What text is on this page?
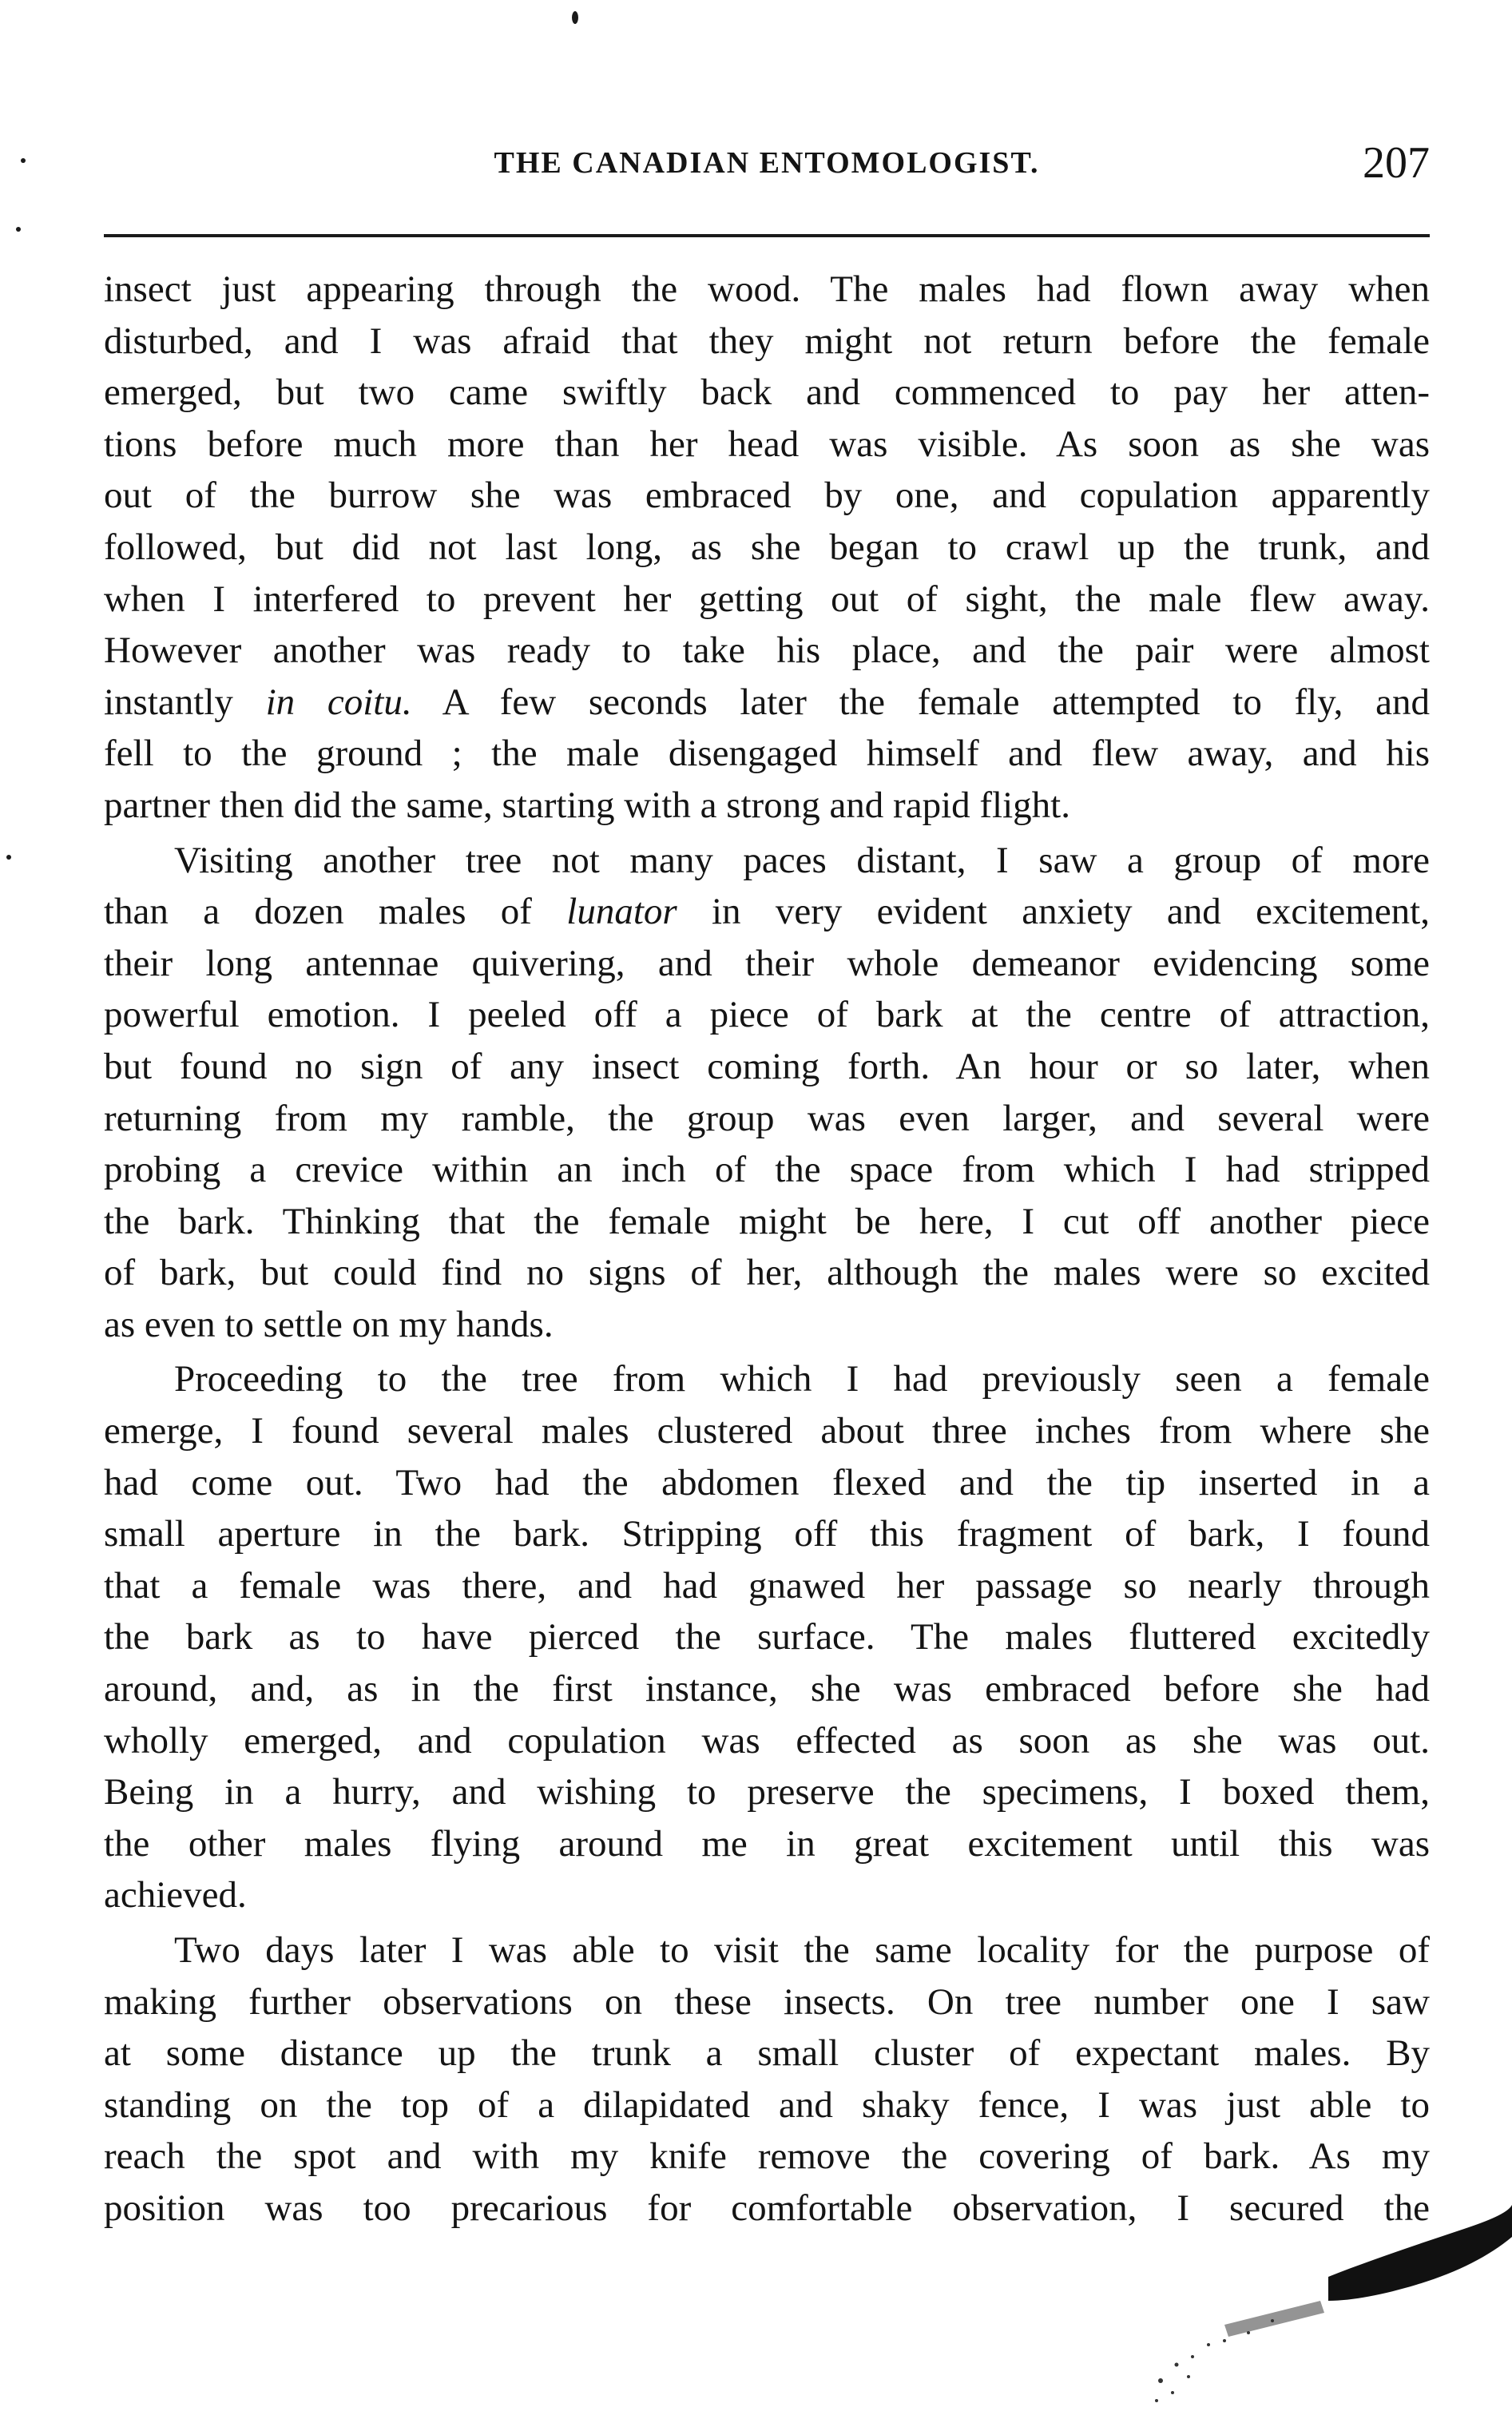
THE CANADIAN ENTOMOLOGIST.	207
insect just appearing through the wood. The males had flown away when
disturbed, and I was afraid that they might not return before the female
emerged, but two came swiftly back and commenced to pay her atten-
tions before much more than her head was visible. As soon as she was
out of the burrow she was embraced by one, and copulation apparently
followed, but did not last long, as she began to crawl up the trunk, and
when I interfered to prevent her getting out of sight, the male flew away.
However another was ready to take his place, and the pair were almost
instantly in coitu. A few seconds later the female attempted to fly, and
fell to the ground ; the male disengaged himself and flew away, and his
partner then did the same, starting with a strong and rapid flight.
Visiting another tree not many paces distant, I saw a group of more
than a dozen males of lunator in very evident anxiety and excitement,
their long antennae quivering, and their whole demeanor evidencing some
powerful emotion. I peeled off a piece of bark at the centre of attraction,
but found no sign of any insect coming forth. An hour or so later, when
returning from my ramble, the group was even larger, and several were
probing a crevice within an inch of the space from which I had stripped
the bark. Thinking that the female might be here, I cut off another piece
of bark, but could find no signs of her, although the males were so excited
as even to settle on my hands.
Proceeding to the tree from which I had previously seen a female
emerge, I found several males clustered about three inches from where she
had come out. Two had the abdomen flexed and the tip inserted in a
small aperture in the bark. Stripping off this fragment of bark, I found
that a female was there, and had gnawed her passage so nearly through
the bark as to have pierced the surface. The males fluttered excitedly
around, and, as in the first instance, she was embraced before she had
wholly emerged, and copulation was effected as soon as she was out.
Being in a hurry, and wishing to preserve the specimens, I boxed them,
the other males flying around me in great excitement until this was
achieved.
Two days later I was able to visit the same locality for the purpose of
making further observations on these insects. On tree number one I saw
at some distance up the trunk a small cluster of expectant males. By
standing on the top of a dilapidated and shaky fence, I was just able to
reach the spot and with my knife remove the covering of bark. As my
position was too precarious for comfortable observation, I secured the
